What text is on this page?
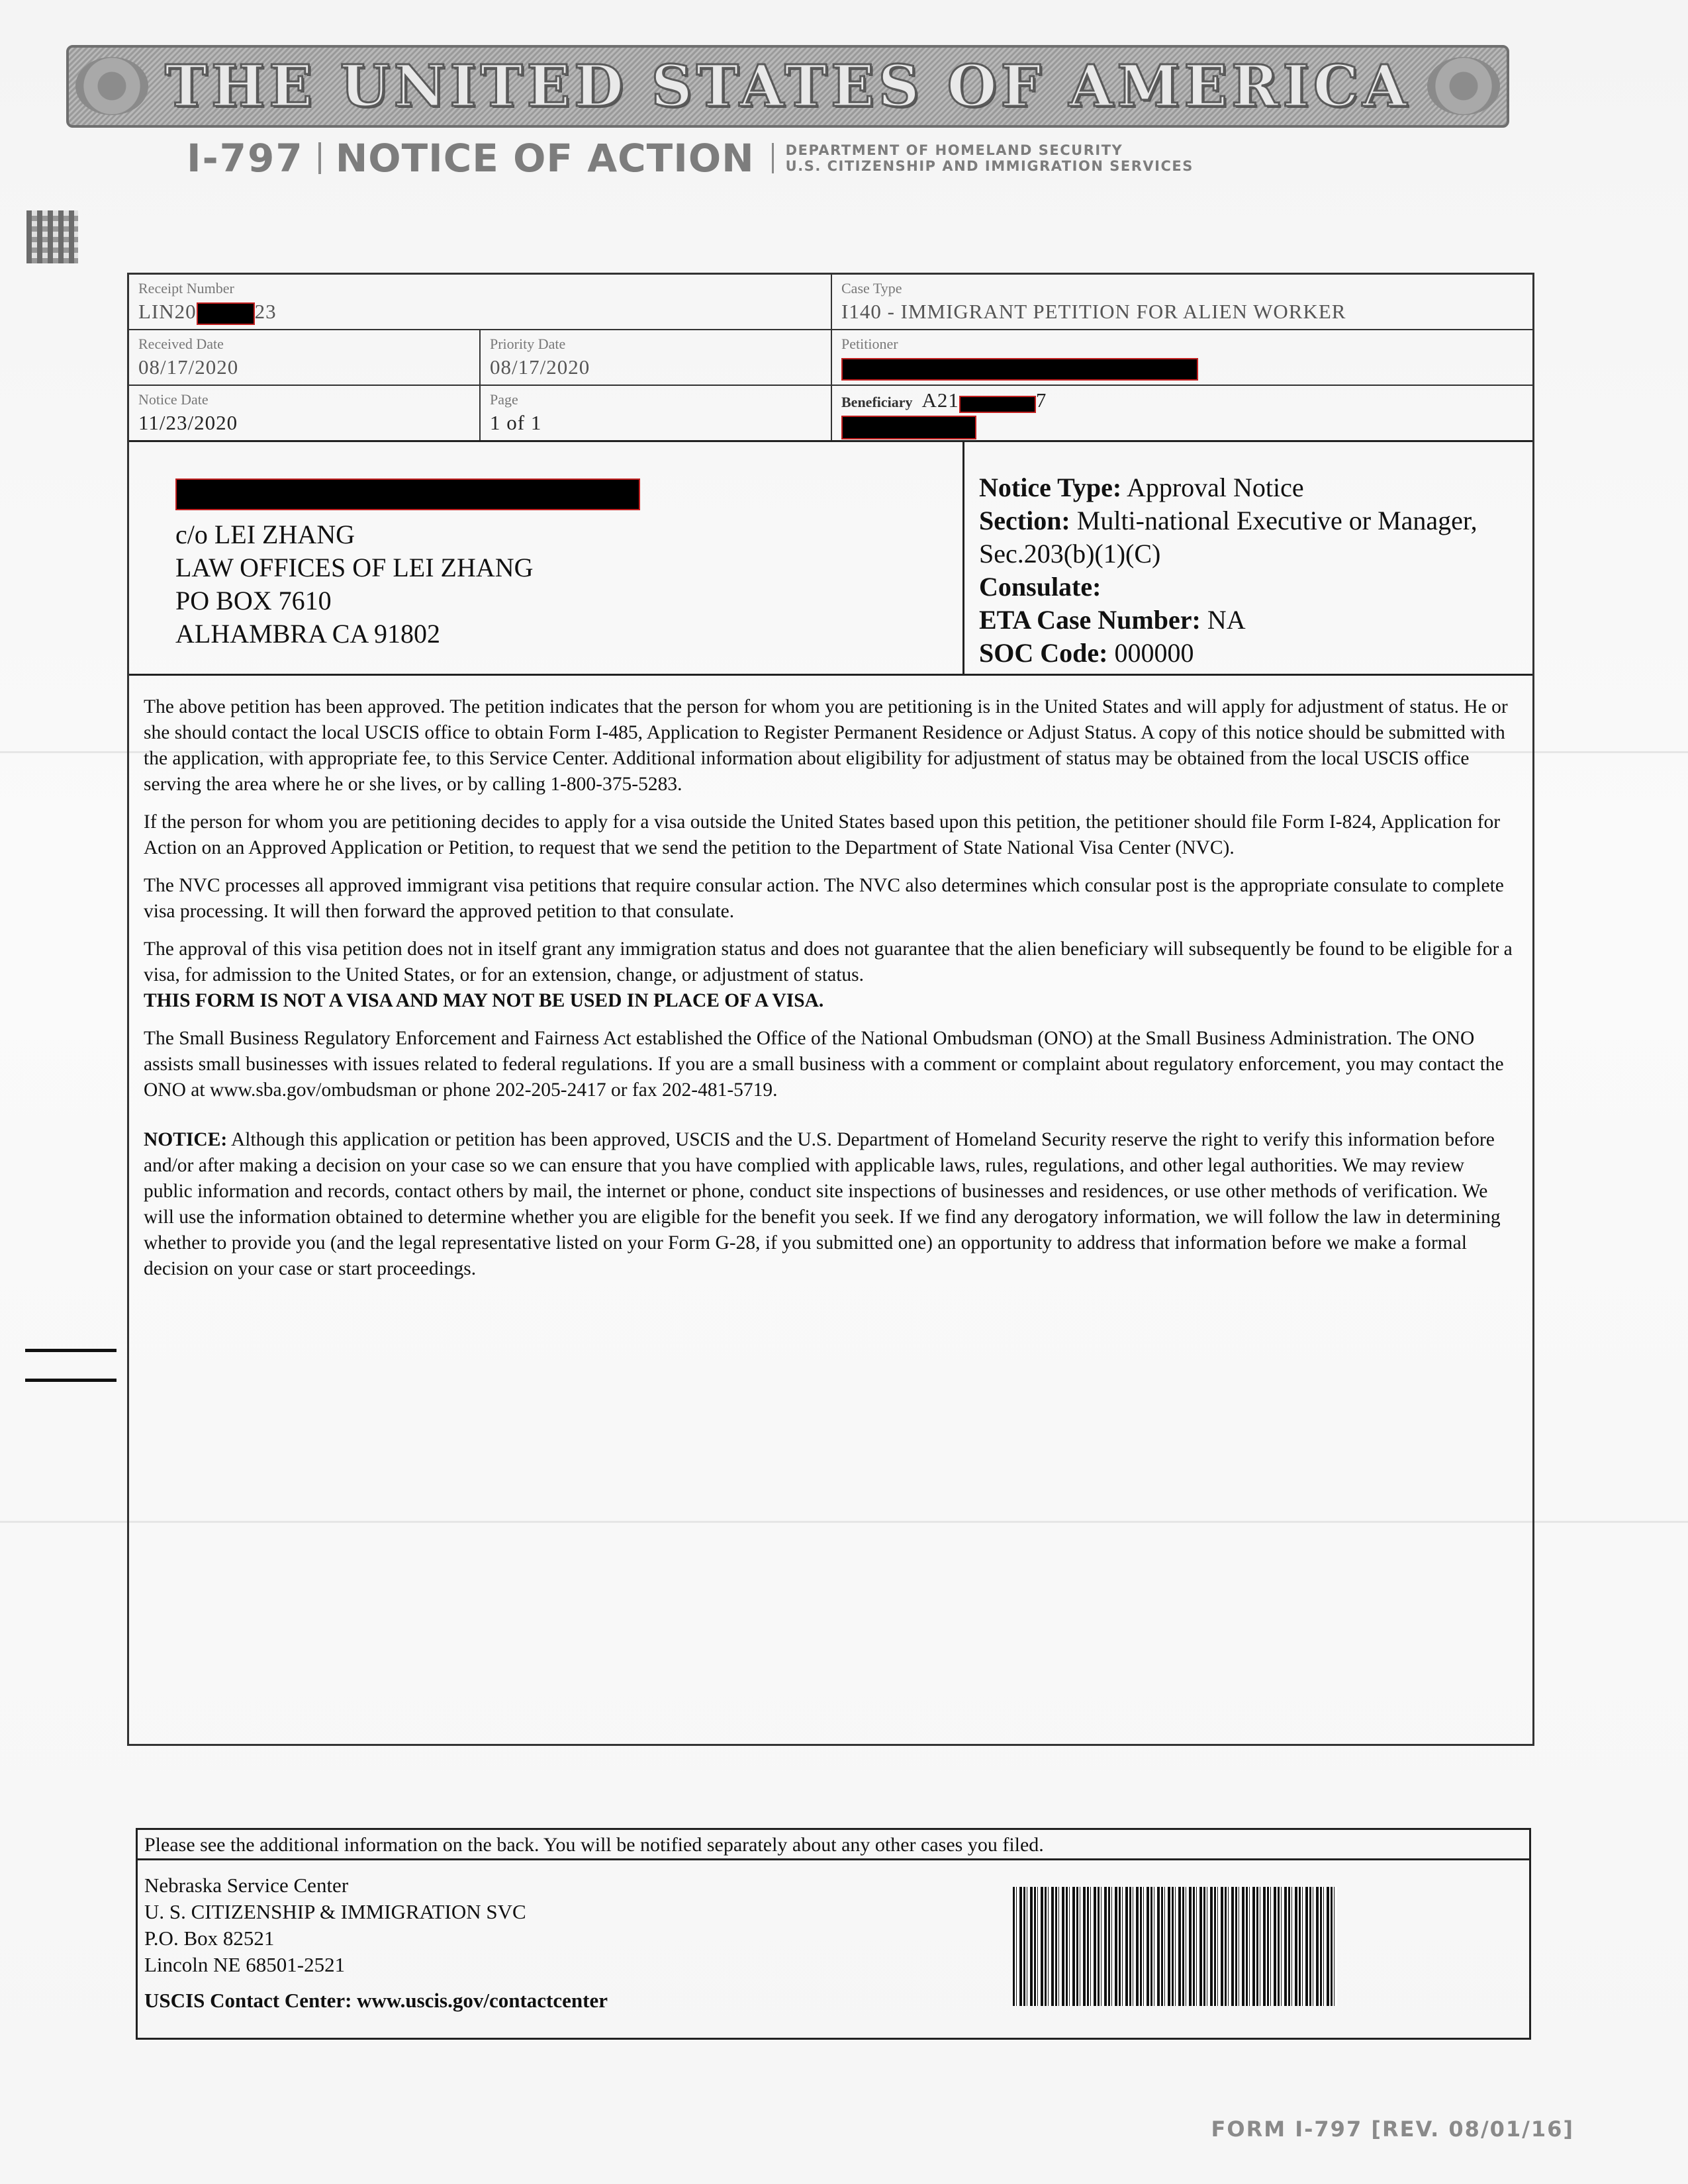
THE UNITED STATES OF AMERICA
I-797 NOTICE OF ACTION DEPARTMENT OF HOMELAND SECURITY
U.S. CITIZENSHIP AND IMMIGRATION SERVICES
Receipt Number
LIN20	23
Case Type
I140 - IMMIGRANT PETITION FOR ALIEN WORKER
Received Date
08/17/2020
Priority Date
08/17/2020
Petitioner
Notice Date
11/23/2020
Page
1 of 1
Beneficiary A21	7
c/o LEI ZHANG
LAW OFFICES OF LEI ZHANG
PO BOX 7610
ALHAMBRA CA 91802
Notice Type: Approval Notice
Section: Multi-national Executive or Manager,
Sec.203(b)(1)(C)
Consulate:
ETA Case Number: NA
SOC Code: 000000

The above petition has been approved. The petition indicates that the person for whom you are petitioning is in the United States and will apply for adjustment of status. He or she should contact the local USCIS office to obtain Form I-485, Application to Register Permanent Residence or Adjust Status. A copy of this notice should be submitted with the application, with appropriate fee, to this Service Center. Additional information about eligibility for adjustment of status may be obtained from the local USCIS office serving the area where he or she lives, or by calling 1-800-375-5283.

If the person for whom you are petitioning decides to apply for a visa outside the United States based upon this petition, the petitioner should file Form I-824, Application for Action on an Approved Application or Petition, to request that we send the petition to the Department of State National Visa Center (NVC).

The NVC processes all approved immigrant visa petitions that require consular action. The NVC also determines which consular post is the appropriate consulate to complete visa processing. It will then forward the approved petition to that consulate.

The approval of this visa petition does not in itself grant any immigration status and does not guarantee that the alien beneficiary will subsequently be found to be eligible for a visa, for admission to the United States, or for an extension, change, or adjustment of status.

THIS FORM IS NOT A VISA AND MAY NOT BE USED IN PLACE OF A VISA.

The Small Business Regulatory Enforcement and Fairness Act established the Office of the National Ombudsman (ONO) at the Small Business Administration. The ONO assists small businesses with issues related to federal regulations. If you are a small business with a comment or complaint about regulatory enforcement, you may contact the ONO at www.sba.gov/ombudsman or phone 202-205-2417 or fax 202-481-5719.

NOTICE: Although this application or petition has been approved, USCIS and the U.S. Department of Homeland Security reserve the right to verify this information before and/or after making a decision on your case so we can ensure that you have complied with applicable laws, rules, regulations, and other legal authorities. We may review public information and records, contact others by mail, the internet or phone, conduct site inspections of businesses and residences, or use other methods of verification. We will use the information obtained to determine whether you are eligible for the benefit you seek. If we find any derogatory information, we will follow the law in determining whether to provide you (and the legal representative listed on your Form G-28, if you submitted one) an opportunity to address that information before we make a formal decision on your case or start proceedings.

Please see the additional information on the back. You will be notified separately about any other cases you filed.
Nebraska Service Center
U. S. CITIZENSHIP & IMMIGRATION SVC
P.O. Box 82521
Lincoln NE 68501-2521
USCIS Contact Center: www.uscis.gov/contactcenter
FORM I-797 [REV. 08/01/16]
